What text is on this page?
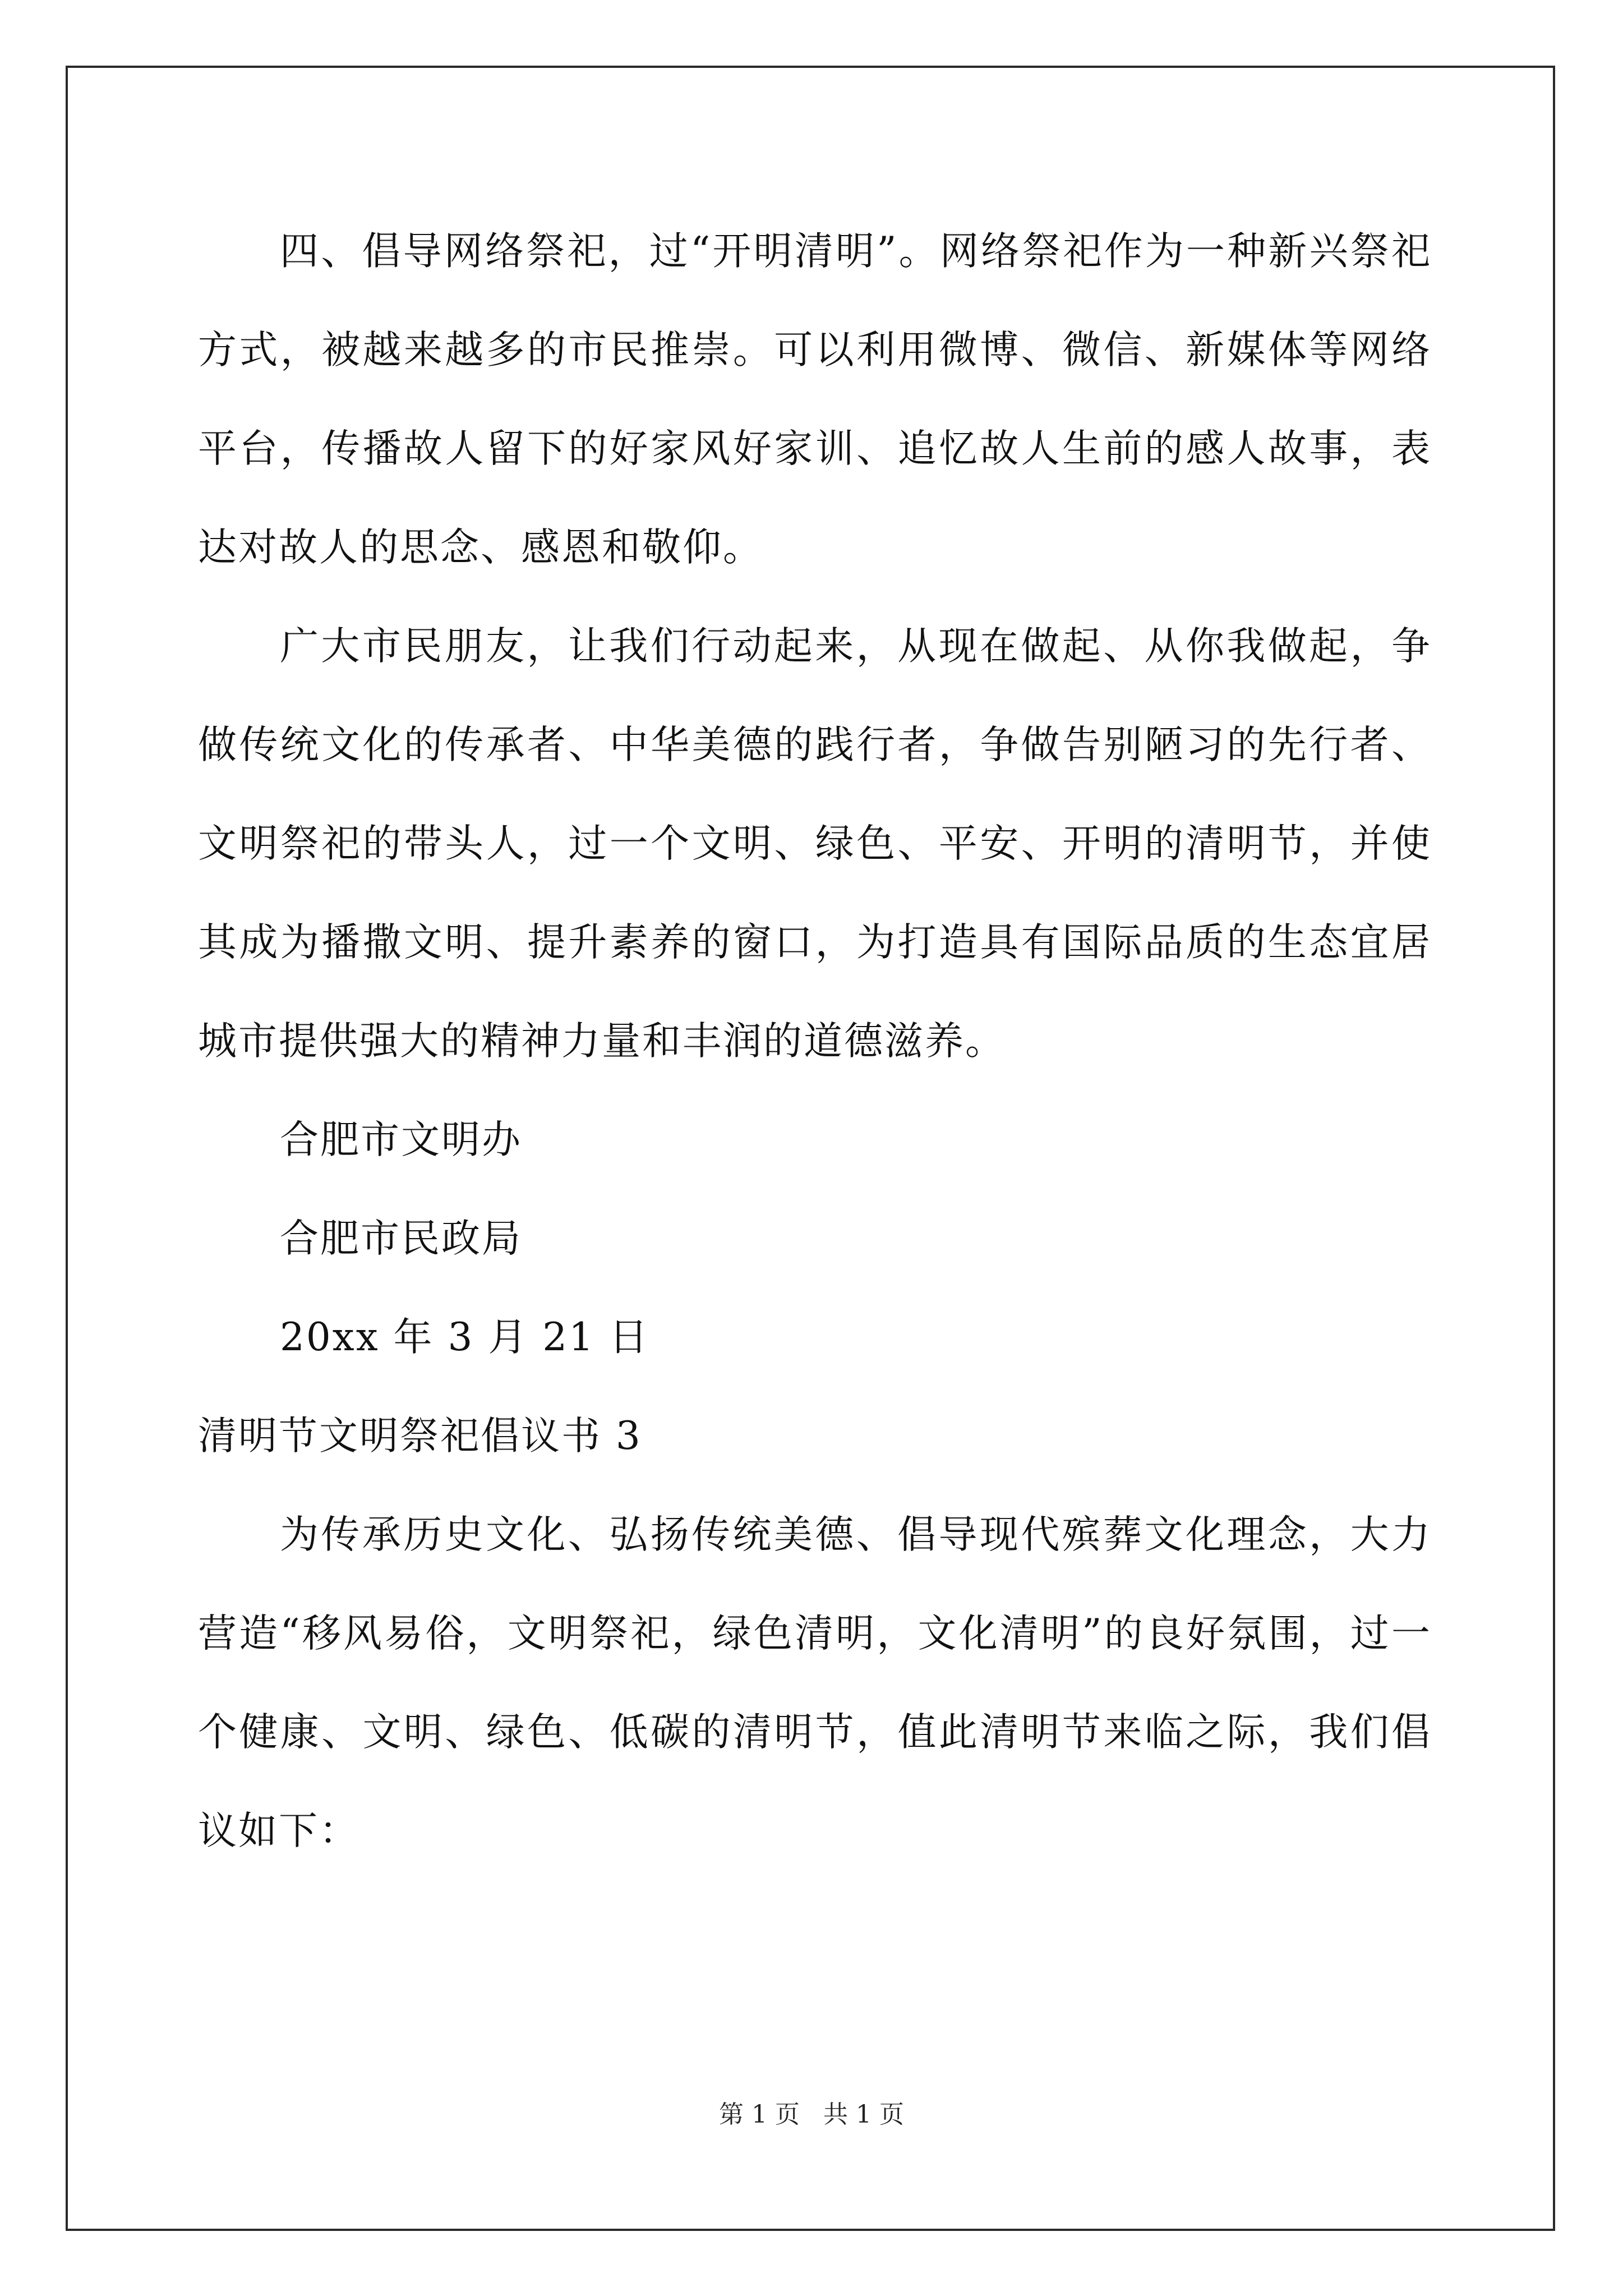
四、倡导网络祭祀，过“开明清明”。网络祭祀作为一种新兴祭祀方式，被越来越多的市民推崇。可以利用微博、微信、新媒体等网络平台，传播故人留下的好家风好家训、追忆故人生前的感人故事，表达对故人的思念、感恩和敬仰。

广大市民朋友，让我们行动起来，从现在做起、从你我做起，争做传统文化的传承者、中华美德的践行者，争做告别陋习的先行者、文明祭祀的带头人，过一个文明、绿色、平安、开明的清明节，并使其成为播撒文明、提升素养的窗口，为打造具有国际品质的生态宜居城市提供强大的精神力量和丰润的道德滋养。

合肥市文明办

合肥市民政局

20xx 年 3 月 21 日

清明节文明祭祀倡议书 3

为传承历史文化、弘扬传统美德、倡导现代殡葬文化理念，大力营造“移风易俗，文明祭祀，绿色清明，文化清明”的良好氛围，过一个健康、文明、绿色、低碳的清明节，值此清明节来临之际，我们倡议如下：

第 1 页   共 1 页
